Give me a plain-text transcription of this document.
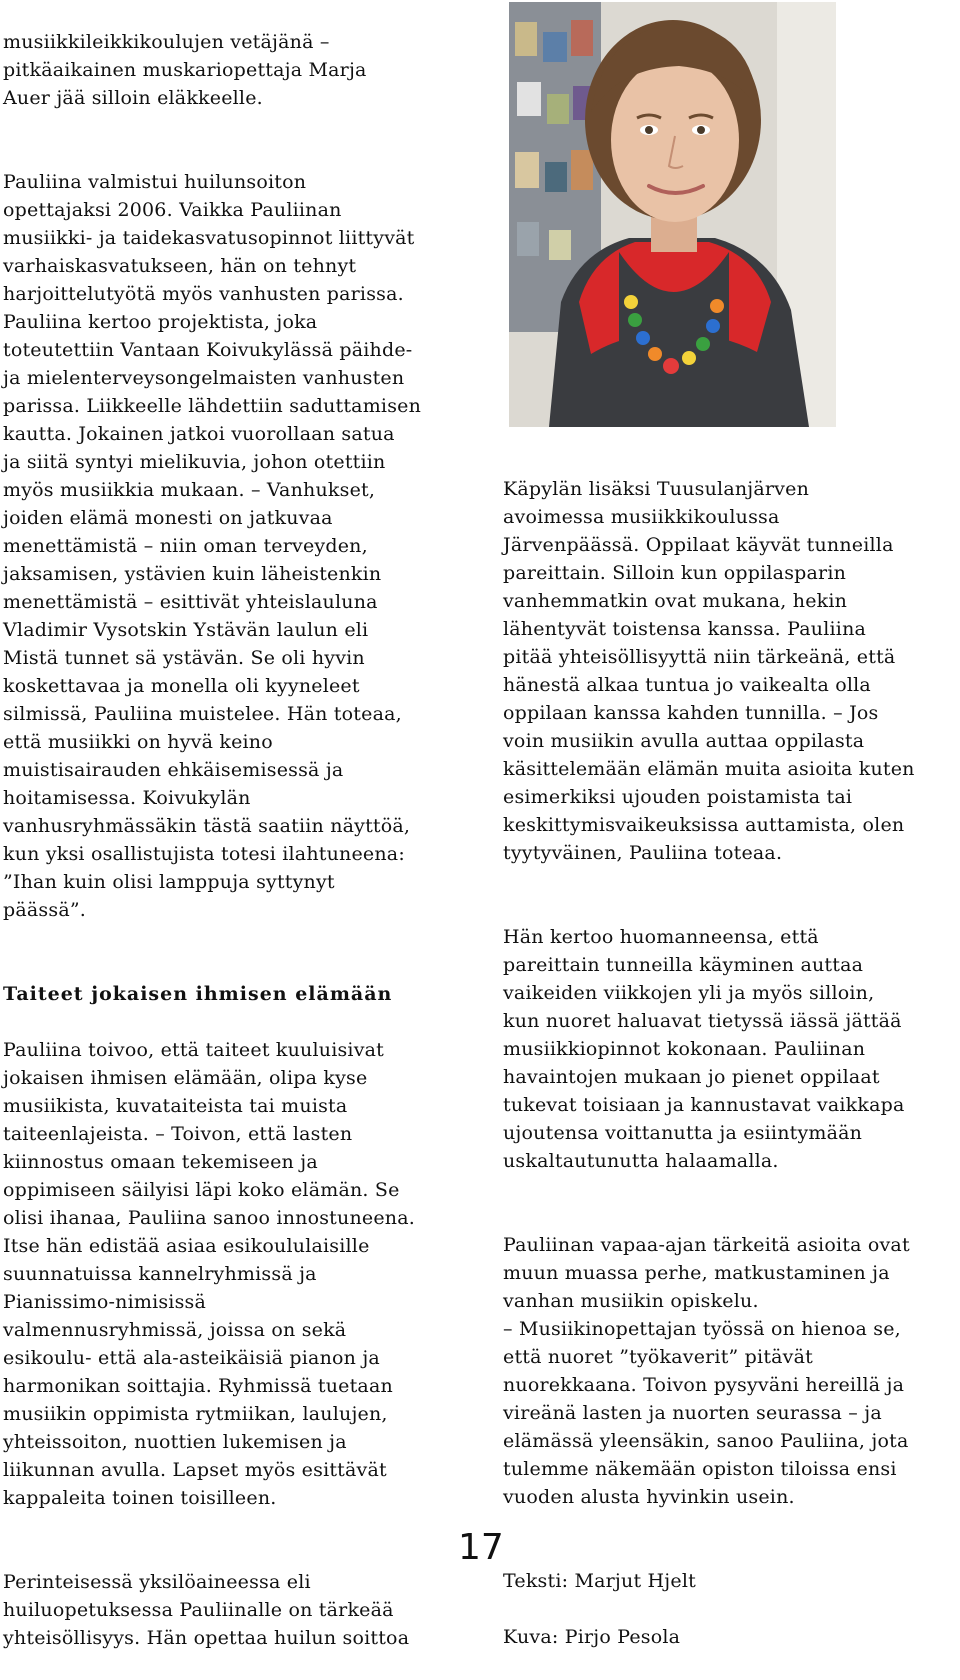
musiikkileikkikoulujen vetäjänä –
pitkäaikainen muskariopettaja Marja
Auer jää silloin eläkkeelle.

Pauliina valmistui huilunsoiton
opettajaksi 2006. Vaikka Pauliinan
musiikki- ja taidekasvatusopinnot liittyvät
varhaiskasvatukseen, hän on tehnyt
harjoittelutyötä myös vanhusten parissa.
Pauliina kertoo projektista, joka
toteutettiin Vantaan Koivukylässä päihde-
ja mielenterveysongelmaisten vanhusten
parissa. Liikkeelle lähdettiin saduttamisen
kautta. Jokainen jatkoi vuorollaan satua
ja siitä syntyi mielikuvia, johon otettiin
myös musiikkia mukaan. – Vanhukset,
joiden elämä monesti on jatkuvaa
menettämistä – niin oman terveyden,
jaksamisen, ystävien kuin läheistenkin
menettämistä – esittivät yhteislauluna
Vladimir Vysotskin Ystävän laulun eli
Mistä tunnet sä ystävän. Se oli hyvin
koskettavaa ja monella oli kyyneleet
silmissä, Pauliina muistelee. Hän toteaa,
että musiikki on hyvä keino
muistisairauden ehkäisemisessä ja
hoitamisessa. Koivukylän
vanhusryhmässäkin tästä saatiin näyttöä,
kun yksi osallistujista totesi ilahtuneena:
”Ihan kuin olisi lamppuja syttynyt
päässä”.

Taiteet jokaisen ihmisen elämään

Pauliina toivoo, että taiteet kuuluisivat
jokaisen ihmisen elämään, olipa kyse
musiikista, kuvataiteista tai muista
taiteenlajeista. – Toivon, että lasten
kiinnostus omaan tekemiseen ja
oppimiseen säilyisi läpi koko elämän. Se
olisi ihanaa, Pauliina sanoo innostuneena.
Itse hän edistää asiaa esikoululaisille
suunnatuissa kannelryhmissä ja
Pianissimo-nimisissä
valmennusryhmissä, joissa on sekä
esikoulu- että ala-asteikäisiä pianon ja
harmonikan soittajia. Ryhmissä tuetaan
musiikin oppimista rytmiikan, laulujen,
yhteissoiton, nuottien lukemisen ja
liikunnan avulla. Lapset myös esittävät
kappaleita toinen toisilleen.

Perinteisessä yksilöaineessa eli
huiluopetuksessa Pauliinalle on tärkeää
yhteisöllisyys. Hän opettaa huilun soittoa

Käpylän lisäksi Tuusulanjärven
avoimessa musiikkikoulussa
Järvenpäässä. Oppilaat käyvät tunneilla
pareittain. Silloin kun oppilasparin
vanhemmatkin ovat mukana, hekin
lähentyvät toistensa kanssa. Pauliina
pitää yhteisöllisyyttä niin tärkeänä, että
hänestä alkaa tuntua jo vaikealta olla
oppilaan kanssa kahden tunnilla. – Jos
voin musiikin avulla auttaa oppilasta
käsittelemään elämän muita asioita kuten
esimerkiksi ujouden poistamista tai
keskittymisvaikeuksissa auttamista, olen
tyytyväinen, Pauliina toteaa.

Hän kertoo huomanneensa, että
pareittain tunneilla käyminen auttaa
vaikeiden viikkojen yli ja myös silloin,
kun nuoret haluavat tietyssä iässä jättää
musiikkiopinnot kokonaan. Pauliinan
havaintojen mukaan jo pienet oppilaat
tukevat toisiaan ja kannustavat vaikkapa
ujoutensa voittanutta ja esiintymään
uskaltautunutta halaamalla.

Pauliinan vapaa-ajan tärkeitä asioita ovat
muun muassa perhe, matkustaminen ja
vanhan musiikin opiskelu.
– Musiikinopettajan työssä on hienoa se,
että nuoret ”työkaverit” pitävät
nuorekkaana. Toivon pysyväni hereillä ja
vireänä lasten ja nuorten seurassa – ja
elämässä yleensäkin, sanoo Pauliina, jota
tulemme näkemään opiston tiloissa ensi
vuoden alusta hyvinkin usein.

Teksti: Marjut Hjelt

Kuva: Pirjo Pesola

17
